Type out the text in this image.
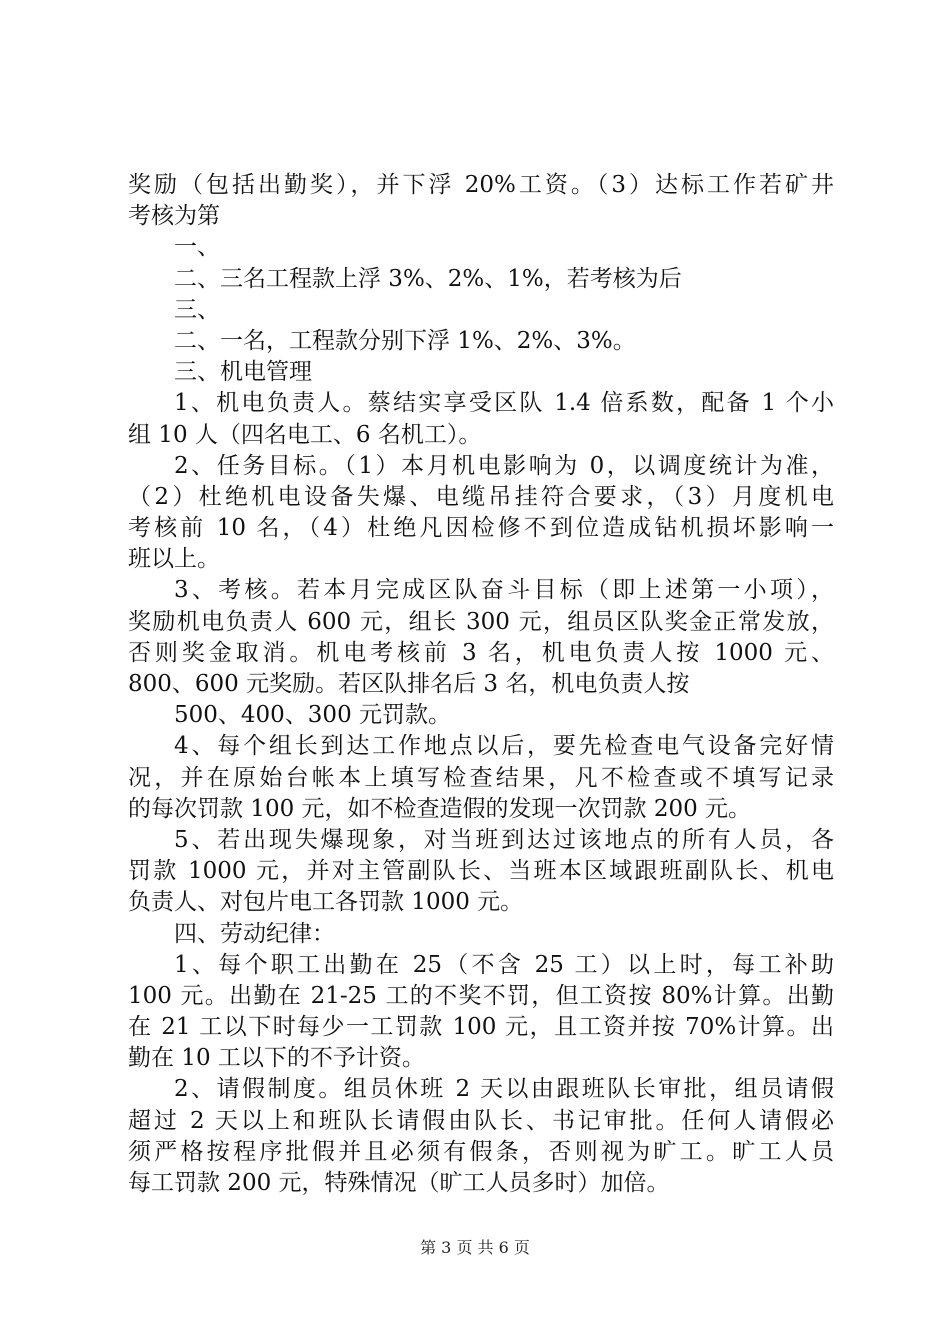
奖励（包括出勤奖），并下浮 20%工资。（3）达标工作若矿井
考核为第
一、
二、三名工程款上浮 3%、2%、1%，若考核为后
三、
二、一名，工程款分别下浮 1%、2%、3%。
三、机电管理
1、机电负责人。蔡结实享受区队 1.4 倍系数，配备 1 个小
组 10 人（四名电工、6 名机工）。
2、任务目标。（1）本月机电影响为 0，以调度统计为准，
（2）杜绝机电设备失爆、电缆吊挂符合要求，（3）月度机电
考核前 10 名，（4）杜绝凡因检修不到位造成钻机损坏影响一
班以上。
3、考核。若本月完成区队奋斗目标（即上述第一小项），
奖励机电负责人 600 元，组长 300 元，组员区队奖金正常发放，
否则奖金取消。机电考核前 3 名，机电负责人按 1000 元、
800、600 元奖励。若区队排名后 3 名，机电负责人按
500、400、300 元罚款。
4、每个组长到达工作地点以后，要先检查电气设备完好情
况，并在原始台帐本上填写检查结果，凡不检查或不填写记录
的每次罚款 100 元，如不检查造假的发现一次罚款 200 元。
5、若出现失爆现象，对当班到达过该地点的所有人员，各
罚款 1000 元，并对主管副队长、当班本区域跟班副队长、机电
负责人、对包片电工各罚款 1000 元。
四、劳动纪律：
1、每个职工出勤在 25（不含 25 工）以上时，每工补助
100 元。出勤在 21-25 工的不奖不罚，但工资按 80%计算。出勤
在 21 工以下时每少一工罚款 100 元，且工资并按 70%计算。出
勤在 10 工以下的不予计资。
2、请假制度。组员休班 2 天以由跟班队长审批，组员请假
超过 2 天以上和班队长请假由队长、书记审批。任何人请假必
须严格按程序批假并且必须有假条，否则视为旷工。旷工人员
每工罚款 200 元，特殊情况（旷工人员多时）加倍。
第 3 页 共 6 页
